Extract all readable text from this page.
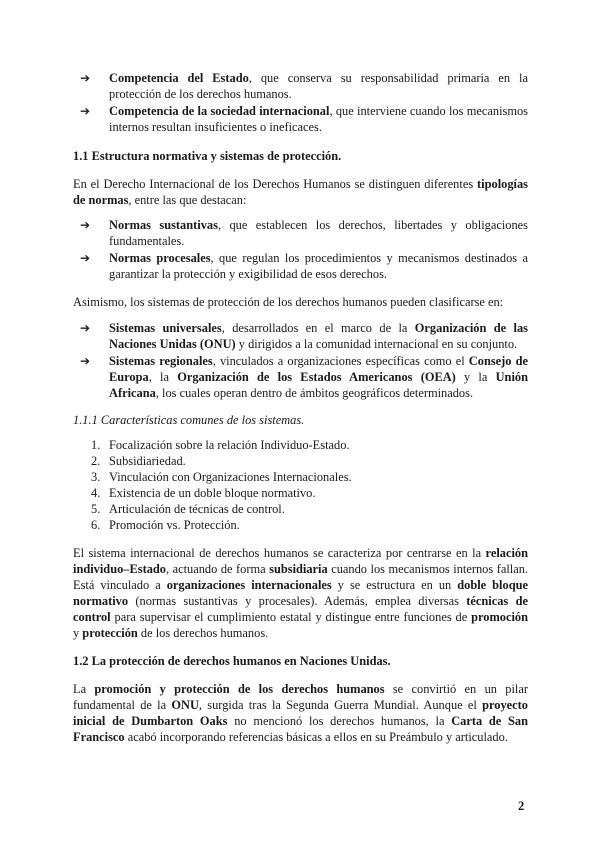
➔ Competencia del Estado, que conserva su responsabilidad primaria en la protección de los derechos humanos.
➔ Competencia de la sociedad internacional, que interviene cuando los mecanismos internos resultan insuficientes o ineficaces.

1.1 Estructura normativa y sistemas de protección.

En el Derecho Internacional de los Derechos Humanos se distinguen diferentes tipologías de normas, entre las que destacan:

➔ Normas sustantivas, que establecen los derechos, libertades y obligaciones fundamentales.
➔ Normas procesales, que regulan los procedimientos y mecanismos destinados a garantizar la protección y exigibilidad de esos derechos.

Asimismo, los sistemas de protección de los derechos humanos pueden clasificarse en:

➔ Sistemas universales, desarrollados en el marco de la Organización de las Naciones Unidas (ONU) y dirigidos a la comunidad internacional en su conjunto.
➔ Sistemas regionales, vinculados a organizaciones específicas como el Consejo de Europa, la Organización de los Estados Americanos (OEA) y la Unión Africana, los cuales operan dentro de ámbitos geográficos determinados.

1.1.1 Características comunes de los sistemas.

1. Focalización sobre la relación Individuo-Estado.
2. Subsidiariedad.
3. Vinculación con Organizaciones Internacionales.
4. Existencia de un doble bloque normativo.
5. Articulación de técnicas de control.
6. Promoción vs. Protección.

El sistema internacional de derechos humanos se caracteriza por centrarse en la relación individuo–Estado, actuando de forma subsidiaria cuando los mecanismos internos fallan. Está vinculado a organizaciones internacionales y se estructura en un doble bloque normativo (normas sustantivas y procesales). Además, emplea diversas técnicas de control para supervisar el cumplimiento estatal y distingue entre funciones de promoción y protección de los derechos humanos.

1.2 La protección de derechos humanos en Naciones Unidas.

La promoción y protección de los derechos humanos se convirtió en un pilar fundamental de la ONU, surgida tras la Segunda Guerra Mundial. Aunque el proyecto inicial de Dumbarton Oaks no mencionó los derechos humanos, la Carta de San Francisco acabó incorporando referencias básicas a ellos en su Preámbulo y articulado.

2
